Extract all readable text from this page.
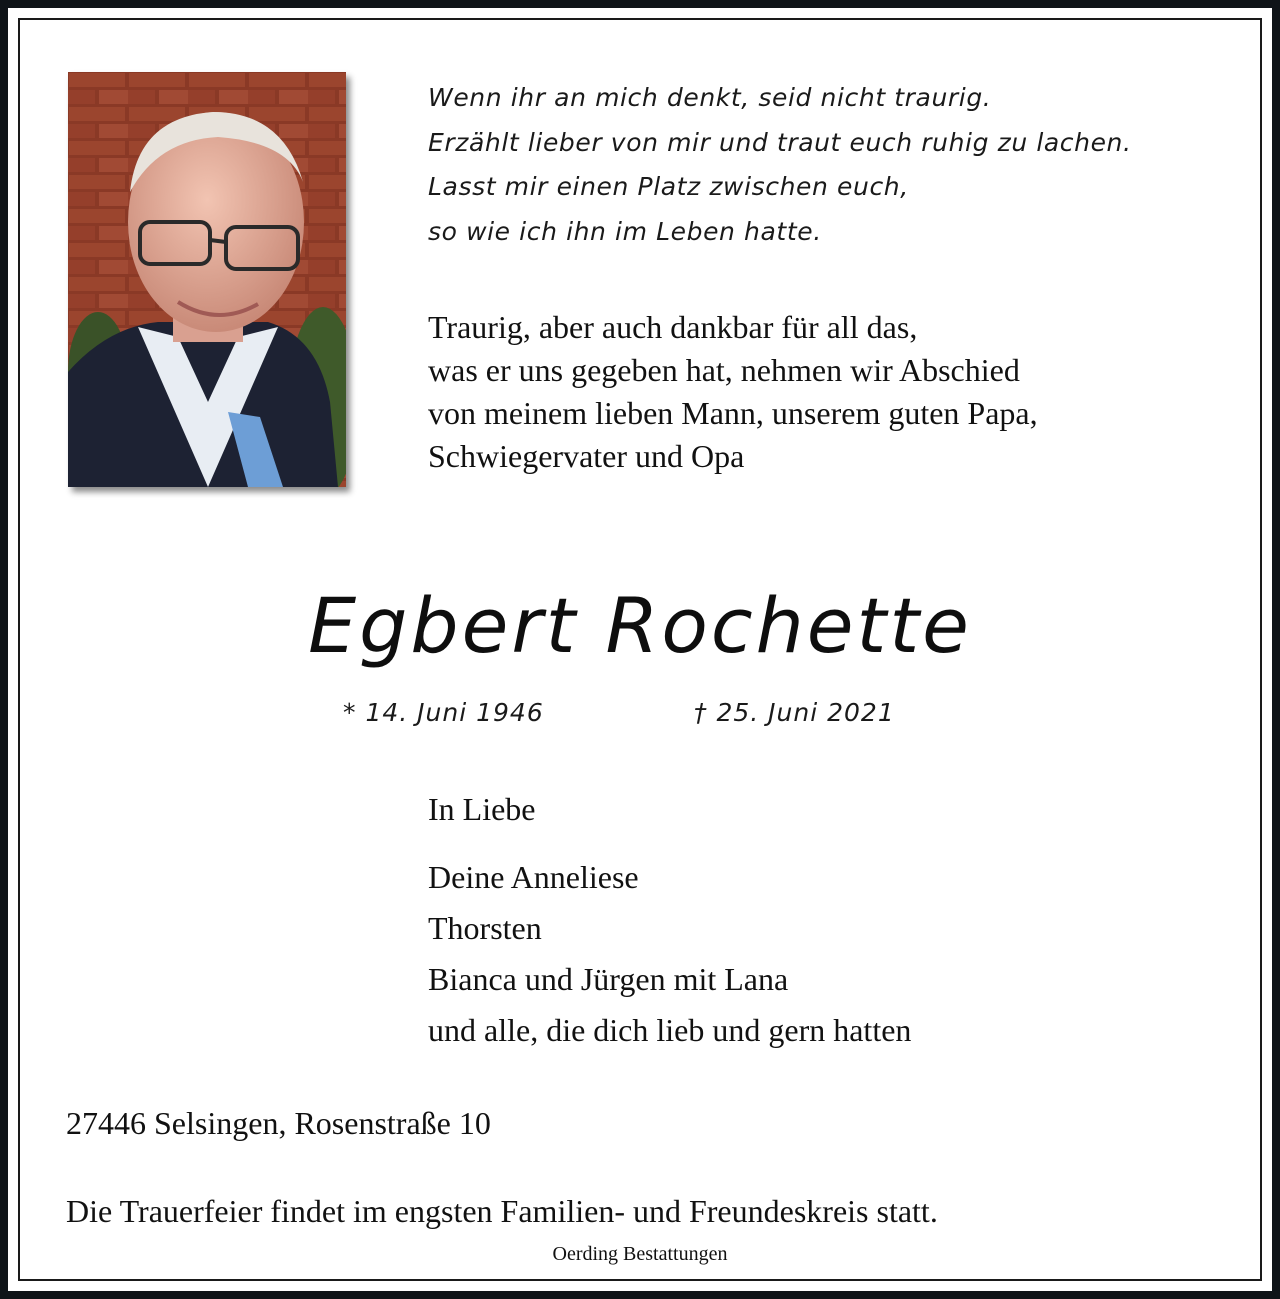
Wenn ihr an mich denkt, seid nicht traurig.
Erzählt lieber von mir und traut euch ruhig zu lachen.
Lasst mir einen Platz zwischen euch,
so wie ich ihn im Leben hatte.
Traurig, aber auch dankbar für all das,
was er uns gegeben hat, nehmen wir Abschied
von meinem lieben Mann, unserem guten Papa,
Schwiegervater und Opa
Egbert Rochette
* 14. Juni 1946	† 25. Juni 2021
In Liebe
Deine Anneliese
Thorsten
Bianca und Jürgen mit Lana
und alle, die dich lieb und gern hatten
27446 Selsingen, Rosenstraße 10
Die Trauerfeier findet im engsten Familien- und Freundeskreis statt.
Oerding Bestattungen
